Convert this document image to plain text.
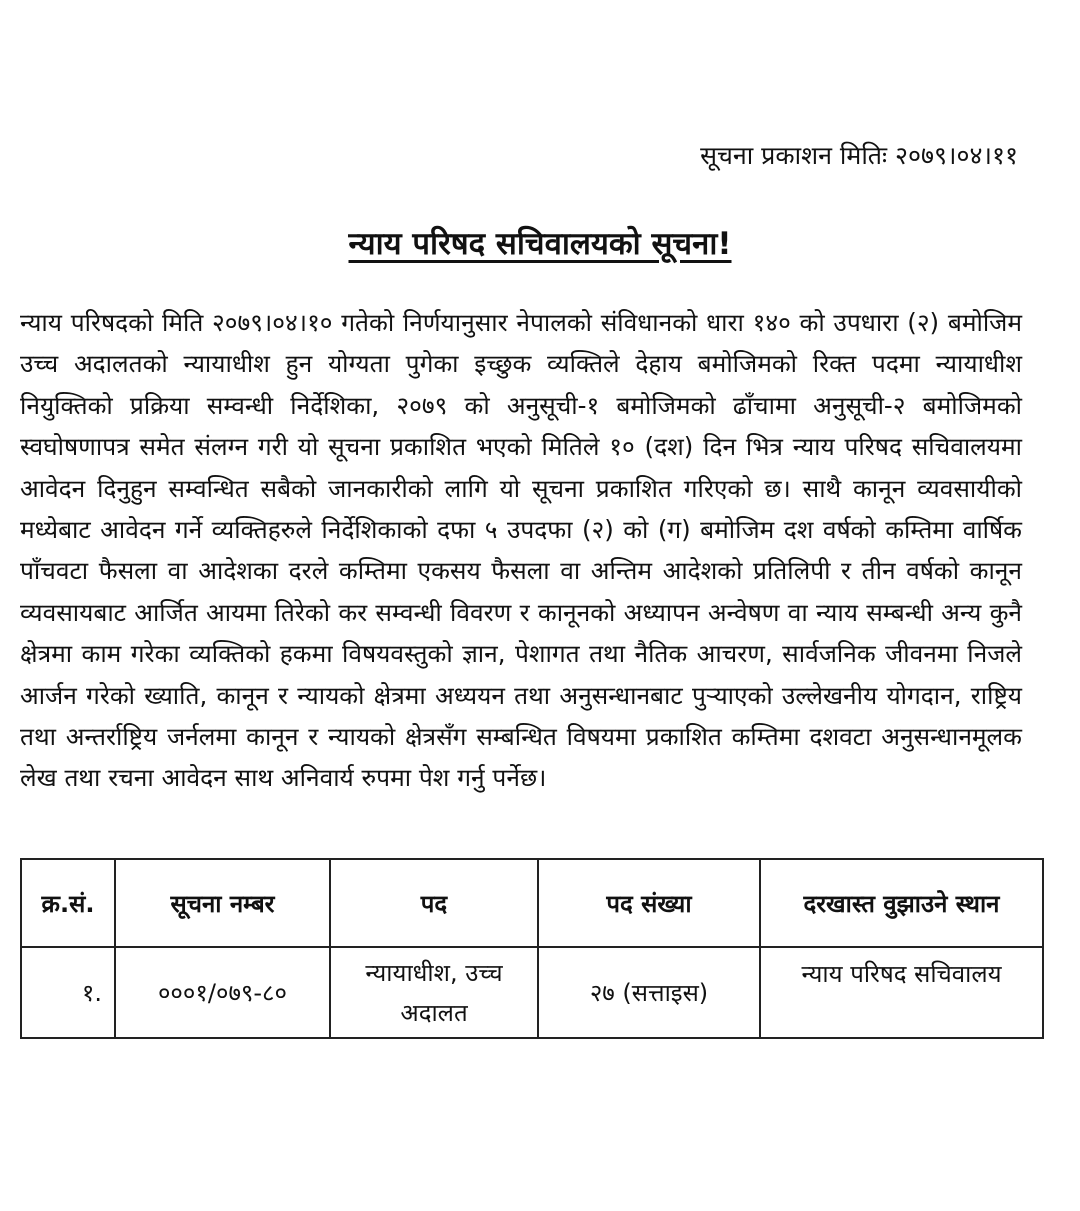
सूचना प्रकाशन मितिः २०७९।०४।११
न्याय परिषद सचिवालयको सूचना!

न्याय परिषदको मिति २०७९।०४।१० गतेको निर्णयानुसार नेपालको संविधानको धारा १४० को उपधारा (२) बमोजिम उच्च अदालतको न्यायाधीश हुन योग्यता पुगेका इच्छुक व्यक्तिले देहाय बमोजिमको रिक्त पदमा न्यायाधीश नियुक्तिको प्रक्रिया सम्वन्धी निर्देशिका, २०७९ को अनुसूची-१ बमोजिमको ढाँचामा अनुसूची-२ बमोजिमको स्वघोषणापत्र समेत संलग्न गरी यो सूचना प्रकाशित भएको मितिले १० (दश) दिन भित्र न्याय परिषद सचिवालयमा आवेदन दिनुहुन सम्वन्धित सबैको जानकारीको लागि यो सूचना प्रकाशित गरिएको छ। साथै कानून व्यवसायीको मध्येबाट आवेदन गर्ने व्यक्तिहरुले निर्देशिकाको दफा ५ उपदफा (२) को (ग) बमोजिम दश वर्षको कम्तिमा वार्षिक पाँचवटा फैसला वा आदेशका दरले कम्तिमा एकसय फैसला वा अन्तिम आदेशको प्रतिलिपी र तीन वर्षको कानून व्यवसायबाट आर्जित आयमा तिरेको कर सम्वन्धी विवरण र कानूनको अध्यापन अन्वेषण वा न्याय सम्बन्धी अन्य कुनै क्षेत्रमा काम गरेका व्यक्तिको हकमा विषयवस्तुको ज्ञान, पेशागत तथा नैतिक आचरण, सार्वजनिक जीवनमा निजले आर्जन गरेको ख्याति, कानून र न्यायको क्षेत्रमा अध्ययन तथा अनुसन्धानबाट पुऱ्याएको उल्लेखनीय योगदान, राष्ट्रिय तथा अन्तर्राष्ट्रिय जर्नलमा कानून र न्यायको क्षेत्रसँग सम्बन्धित विषयमा प्रकाशित कम्तिमा दशवटा अनुसन्धानमूलक लेख तथा रचना आवेदन साथ अनिवार्य रुपमा पेश गर्नु पर्नेछ।

क्र.सं.	सूचना नम्बर	पद	पद संख्या	दरखास्त वुझाउने स्थान
१.	०००१/०७९-८०	न्यायाधीश, उच्च अदालत	२७ (सत्ताइस)	न्याय परिषद सचिवालय
